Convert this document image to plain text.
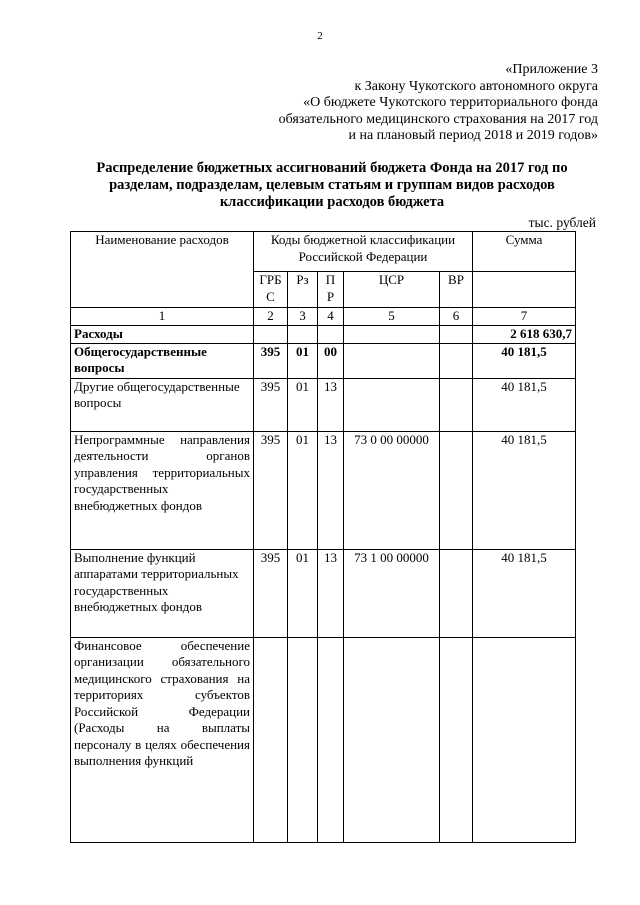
2
«Приложение 3
к Закону Чукотского автономного округа
«О бюджете Чукотского территориального фонда
обязательного медицинского страхования на 2017 год
и на плановый период 2018 и 2019 годов»
Распределение бюджетных ассигнований бюджета Фонда на 2017 год по
разделам, подразделам, целевым статьям и группам видов расходов
классификации расходов бюджета
тыс. рублей
Наименование расходов	Коды бюджетной классификации Российской Федерации					Сумма
	ГРБ С	Рз	П Р	ЦСР	ВР	
1	2	3	4	5	6	7
Расходы						2 618 630,7
Общегосударственные вопросы	395	01	00			40 181,5
Другие общегосударственные вопросы	395	01	13			40 181,5
Непрограммные направления деятельности органов управления территориальных государственных внебюджетных фондов	395	01	13	73 0 00 00000		40 181,5
Выполнение функций аппаратами территориальных государственных внебюджетных фондов	395	01	13	73 1 00 00000		40 181,5
Финансовое обеспечение организации обязательного медицинского страхования на территориях субъектов Российской Федерации (Расходы на выплаты персоналу в целях обеспечения выполнения функций						
